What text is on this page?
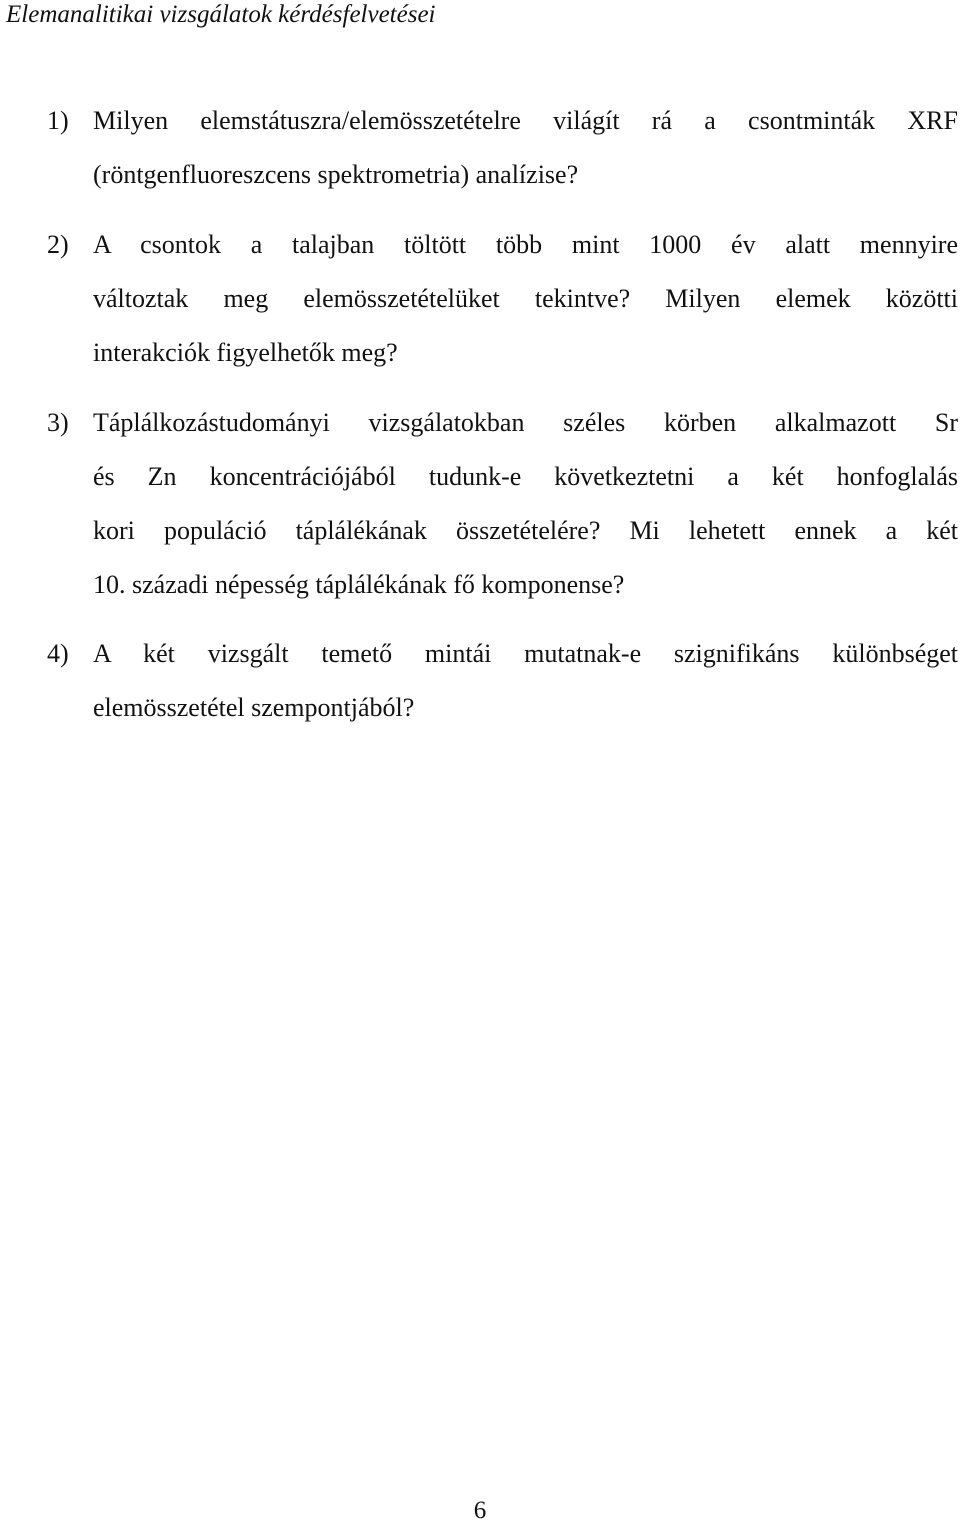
Elemanalitikai vizsgálatok kérdésfelvetései
1) Milyen elemstátuszra/elemösszetételre világít rá a csontminták XRF
(röntgenfluoreszcens spektrometria) analízise?
2) A csontok a talajban töltött több mint 1000 év alatt mennyire
változtak meg elemösszetételüket tekintve? Milyen elemek közötti
interakciók figyelhetők meg?
3) Táplálkozástudományi vizsgálatokban széles körben alkalmazott Sr
és Zn koncentrációjából tudunk-e következtetni a két honfoglalás
kori populáció táplálékának összetételére? Mi lehetett ennek a két
10. századi népesség táplálékának fő komponense?
4) A két vizsgált temető mintái mutatnak-e szignifikáns különbséget
elemösszetétel szempontjából?
6
